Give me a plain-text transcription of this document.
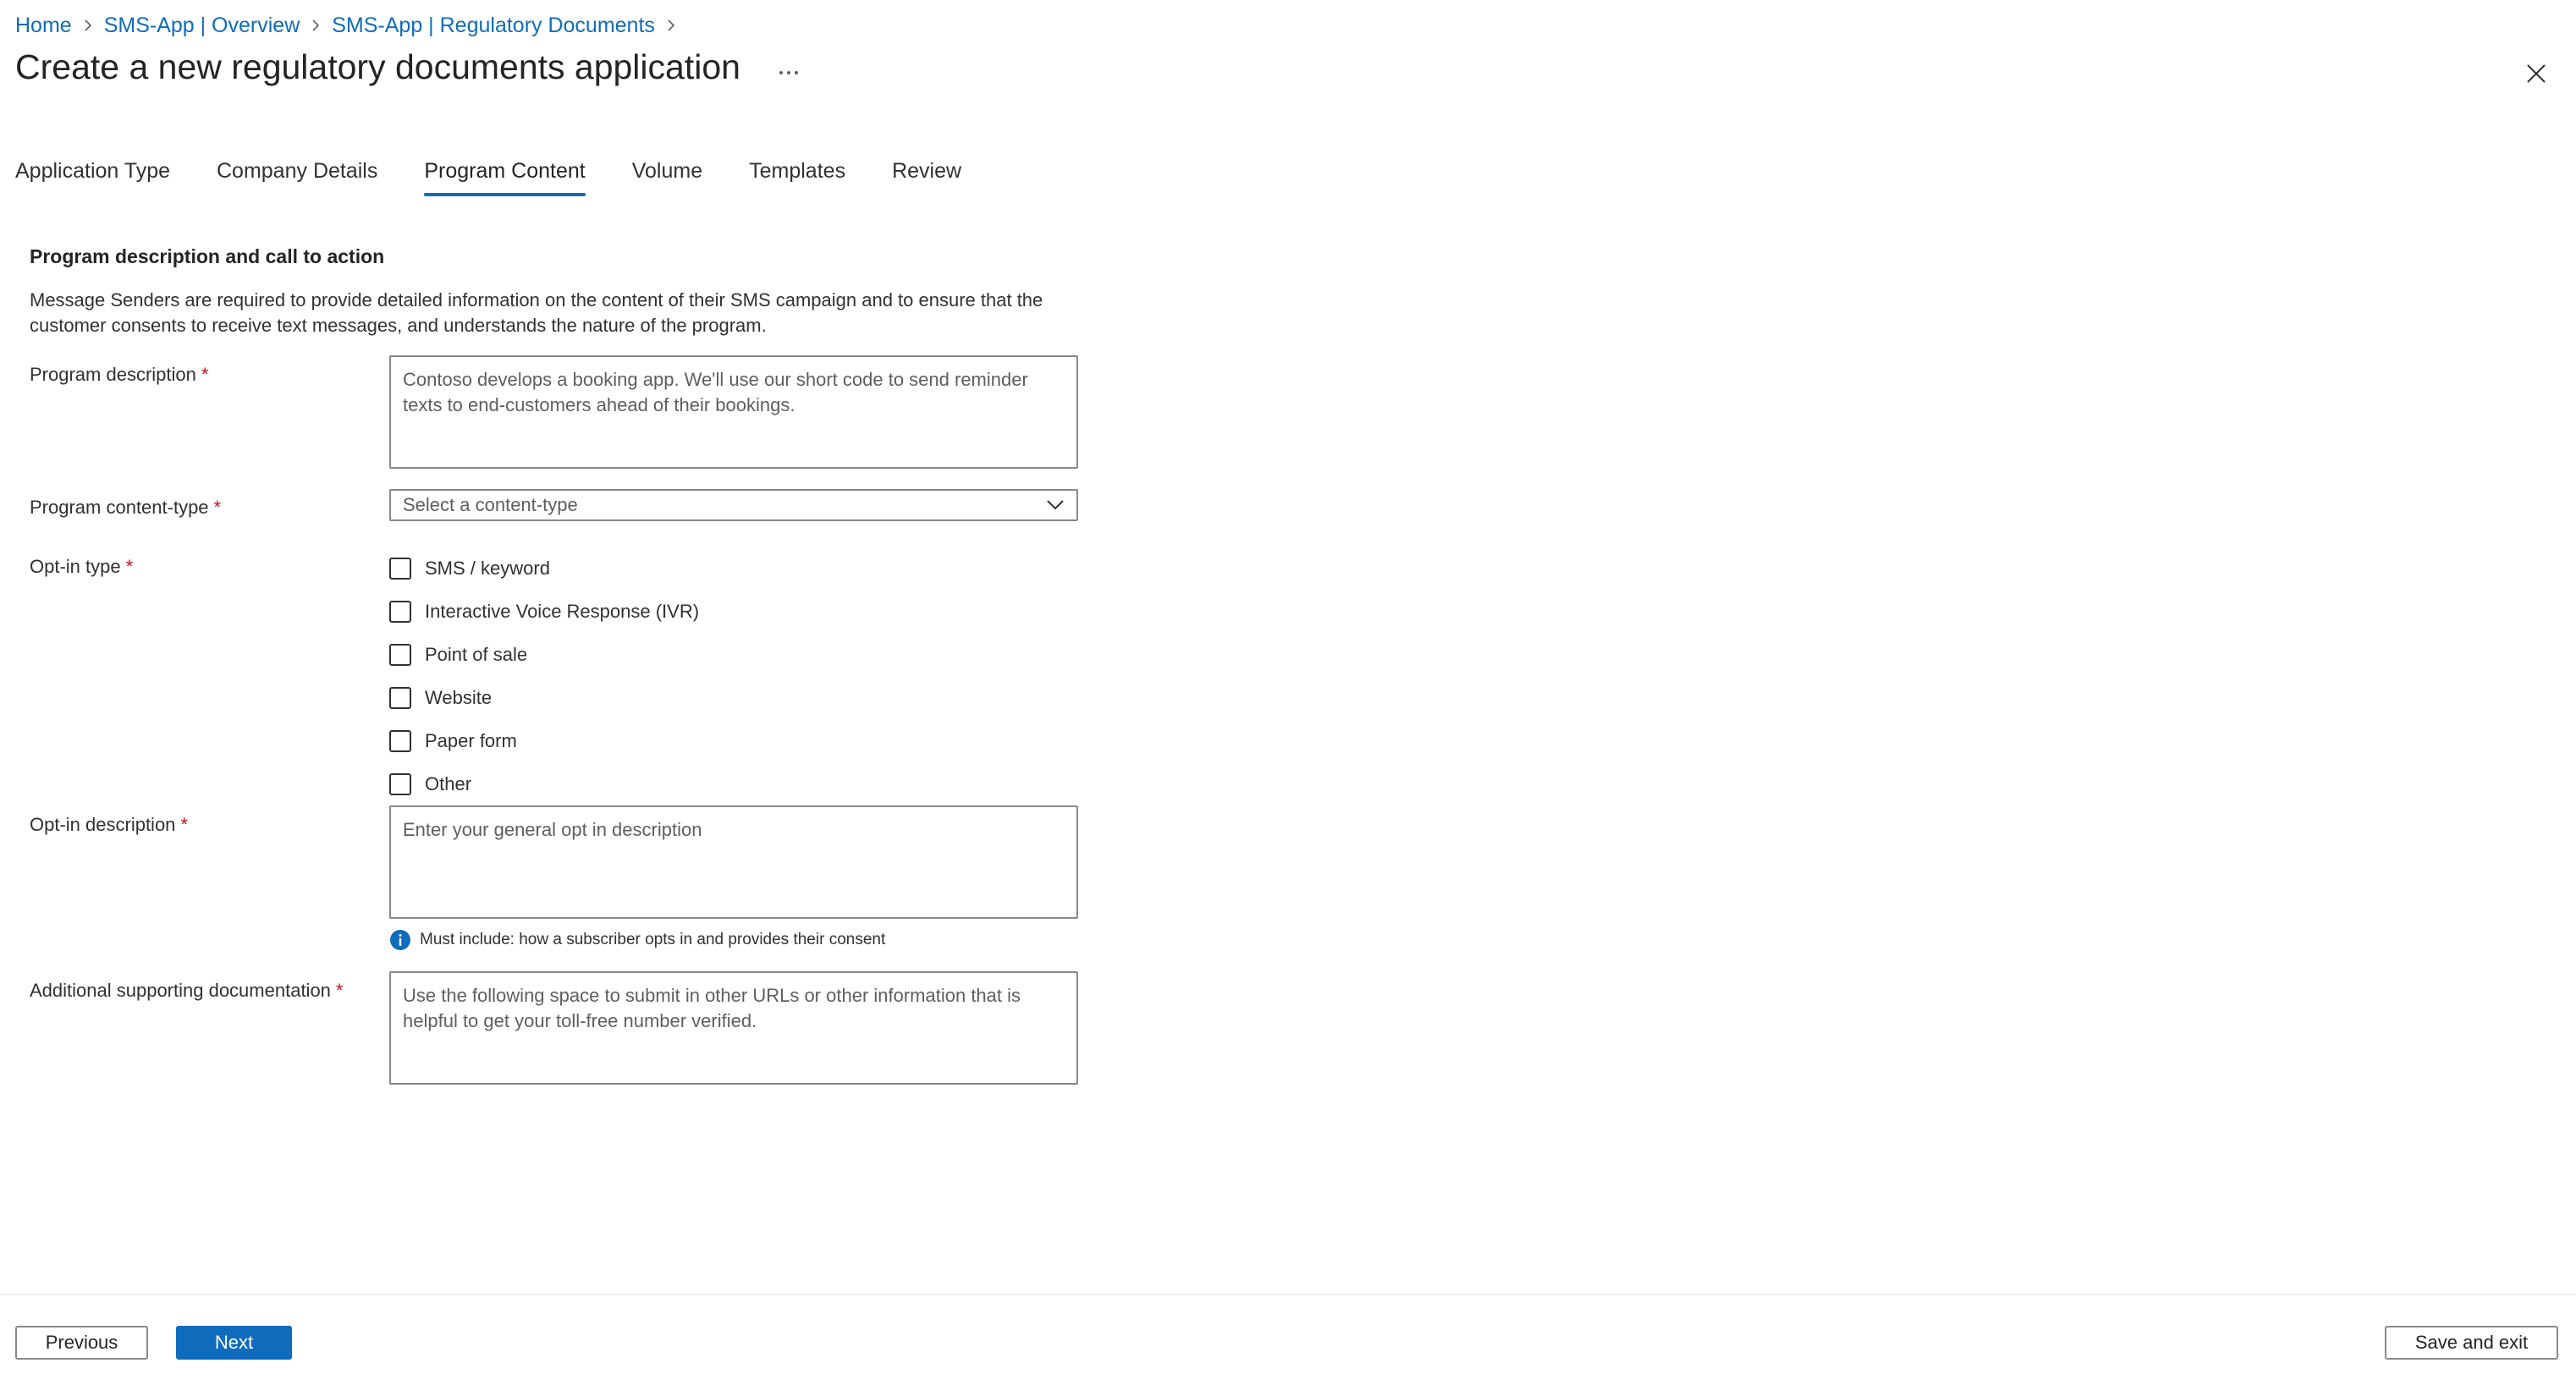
Home SMS-App | Overview SMS-App | Regulatory Documents
Create a new regulatory documents application
Application Type Company Details Program Content Volume Templates Review
Program description and call to action

Message Senders are required to provide detailed information on the content of their SMS campaign and to ensure that the customer consents to receive text messages, and understands the nature of the program.

Program description *	Contoso develops a booking app. We'll use our short code to send reminder texts to end-customers ahead of their bookings.
Program content-type *	Select a content-type
Opt-in type *	SMS / keyword
Interactive Voice Response (IVR)
Point of sale
Website
Paper form
Other
Opt-in description *	Enter your general opt in description
Must include: how a subscriber opts in and provides their consent
Additional supporting documentation *	Use the following space to submit in other URLs or other information that is helpful to get your toll-free number verified.
Previous	Next	Save and exit
